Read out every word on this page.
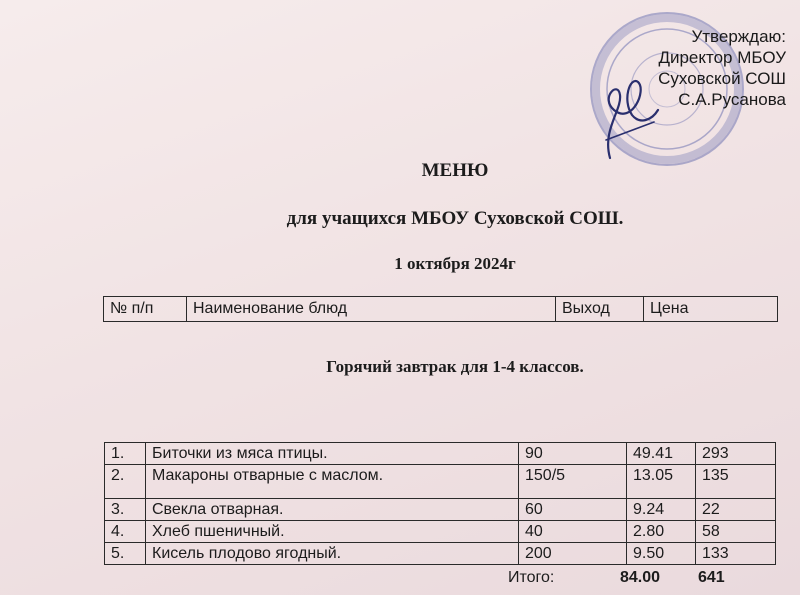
Утверждаю:
Директор МБОУ
Суховской СОШ
С.А.Русанова
МЕНЮ
для учащихся МБОУ Суховской СОШ.
1 октября 2024г
№ п/п	Наименование блюд	Выход	Цена
Горячий завтрак для 1-4 классов.
1.	Биточки из мяса птицы.	90	49.41	293
2.	Макароны отварные с маслом.	150/5	13.05	135
3.	Свекла отварная.	60	9.24	22
4.	Хлеб пшеничный.	40	2.80	58
5.	Кисель плодово ягодный.	200	9.50	133
Итого:	84.00 641
